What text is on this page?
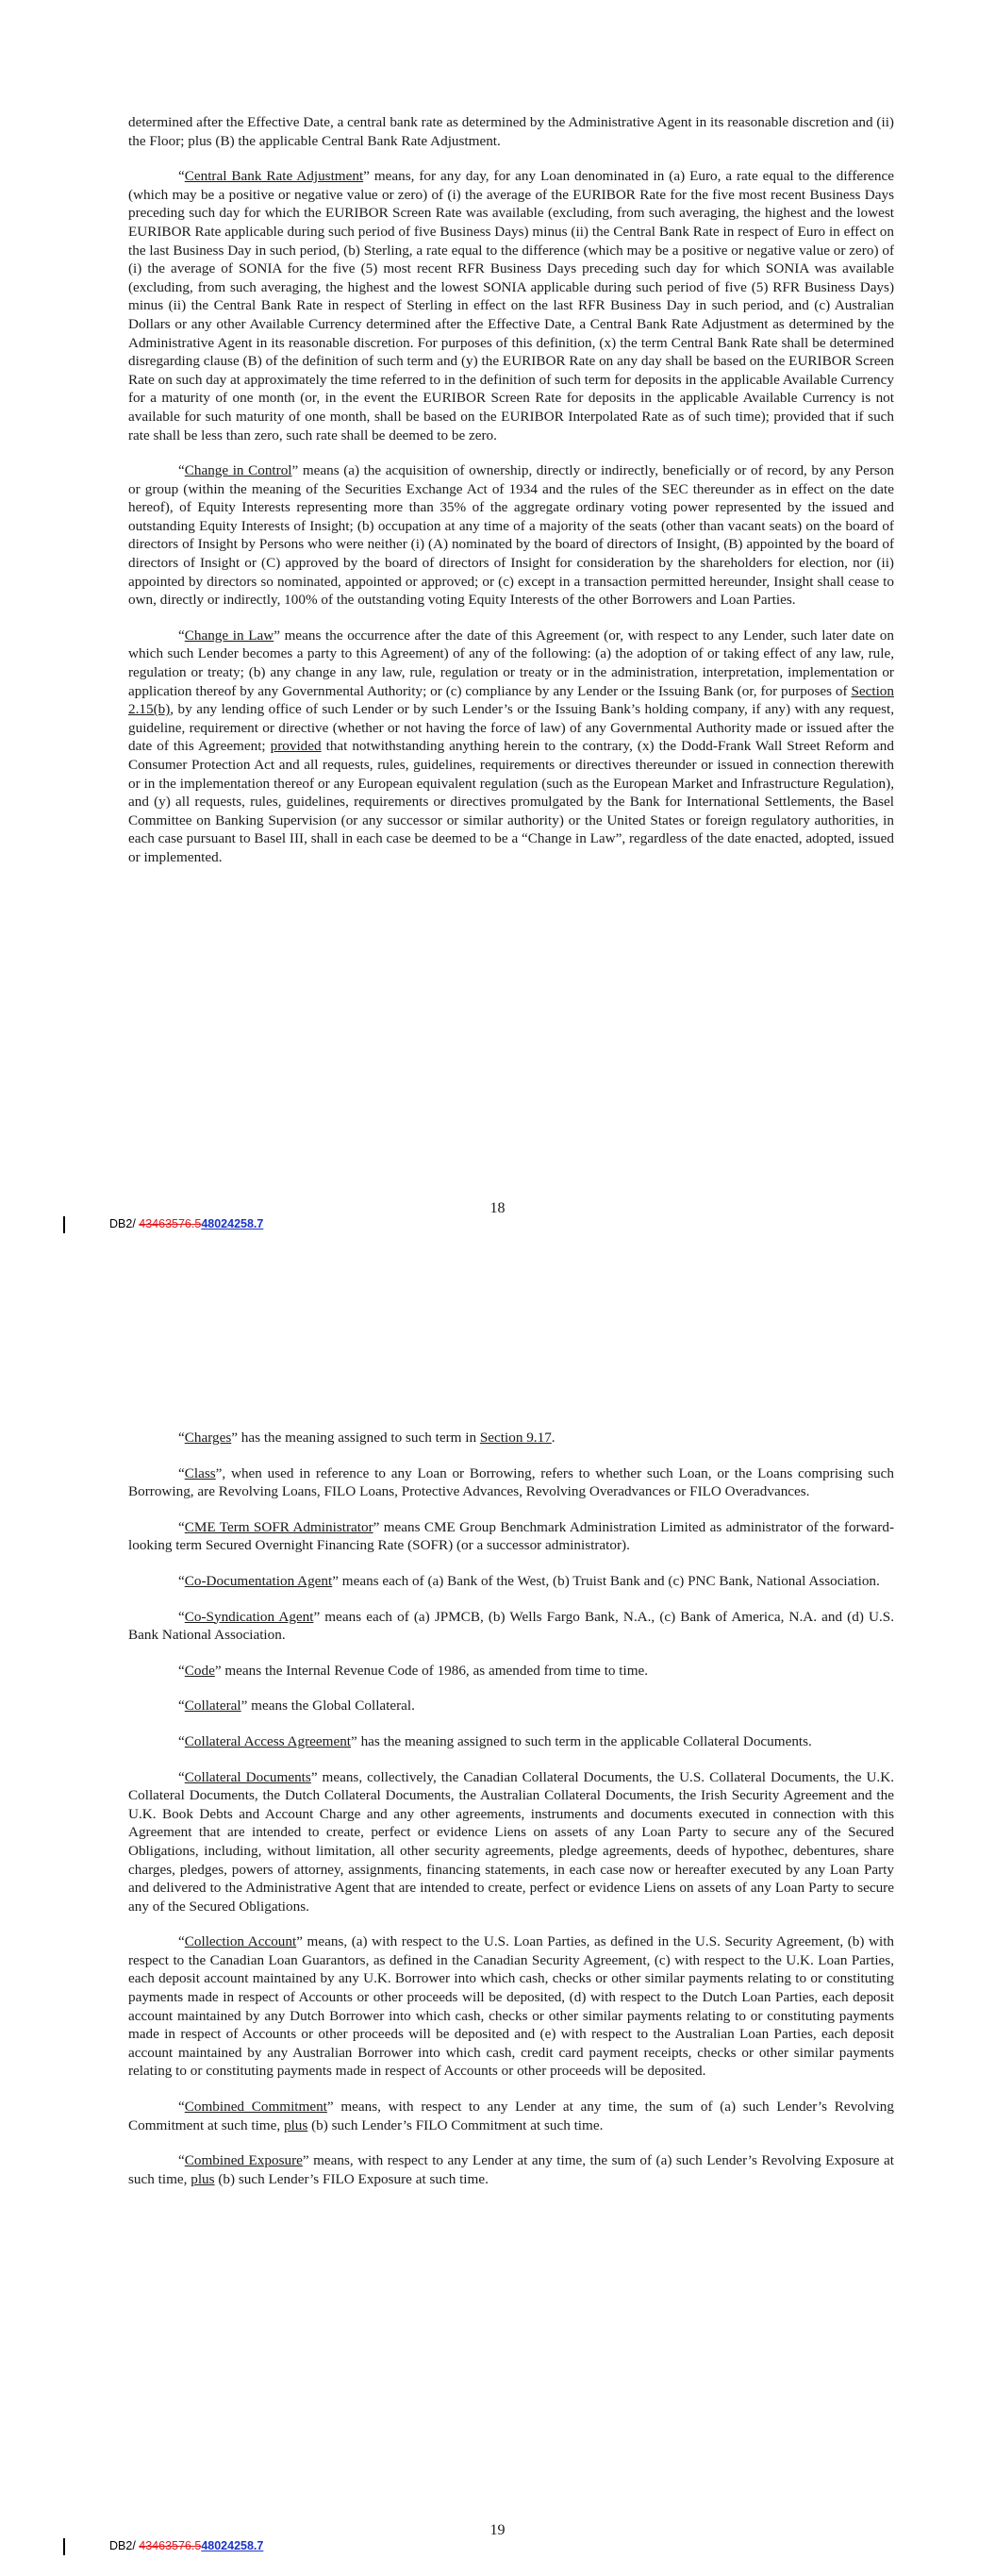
determined after the Effective Date, a central bank rate as determined by the Administrative Agent in its reasonable discretion and (ii) the Floor; plus (B) the applicable Central Bank Rate Adjustment.

“Central Bank Rate Adjustment” means, for any day, for any Loan denominated in (a) Euro, a rate equal to the difference (which may be a positive or negative value or zero) of (i) the average of the EURIBOR Rate for the five most recent Business Days preceding such day for which the EURIBOR Screen Rate was available (excluding, from such averaging, the highest and the lowest EURIBOR Rate applicable during such period of five Business Days) minus (ii) the Central Bank Rate in respect of Euro in effect on the last Business Day in such period, (b) Sterling, a rate equal to the difference (which may be a positive or negative value or zero) of (i) the average of SONIA for the five (5) most recent RFR Business Days preceding such day for which SONIA was available (excluding, from such averaging, the highest and the lowest SONIA applicable during such period of five (5) RFR Business Days) minus (ii) the Central Bank Rate in respect of Sterling in effect on the last RFR Business Day in such period, and (c) Australian Dollars or any other Available Currency determined after the Effective Date, a Central Bank Rate Adjustment as determined by the Administrative Agent in its reasonable discretion. For purposes of this definition, (x) the term Central Bank Rate shall be determined disregarding clause (B) of the definition of such term and (y) the EURIBOR Rate on any day shall be based on the EURIBOR Screen Rate on such day at approximately the time referred to in the definition of such term for deposits in the applicable Available Currency for a maturity of one month (or, in the event the EURIBOR Screen Rate for deposits in the applicable Available Currency is not available for such maturity of one month, shall be based on the EURIBOR Interpolated Rate as of such time); provided that if such rate shall be less than zero, such rate shall be deemed to be zero.

“Change in Control” means (a) the acquisition of ownership, directly or indirectly, beneficially or of record, by any Person or group (within the meaning of the Securities Exchange Act of 1934 and the rules of the SEC thereunder as in effect on the date hereof), of Equity Interests representing more than 35% of the aggregate ordinary voting power represented by the issued and outstanding Equity Interests of Insight; (b) occupation at any time of a majority of the seats (other than vacant seats) on the board of directors of Insight by Persons who were neither (i) (A) nominated by the board of directors of Insight, (B) appointed by the board of directors of Insight or (C) approved by the board of directors of Insight for consideration by the shareholders for election, nor (ii) appointed by directors so nominated, appointed or approved; or (c) except in a transaction permitted hereunder, Insight shall cease to own, directly or indirectly, 100% of the outstanding voting Equity Interests of the other Borrowers and Loan Parties.

“Change in Law” means the occurrence after the date of this Agreement (or, with respect to any Lender, such later date on which such Lender becomes a party to this Agreement) of any of the following: (a) the adoption of or taking effect of any law, rule, regulation or treaty; (b) any change in any law, rule, regulation or treaty or in the administration, interpretation, implementation or application thereof by any Governmental Authority; or (c) compliance by any Lender or the Issuing Bank (or, for purposes of Section 2.15(b), by any lending office of such Lender or by such Lender’s or the Issuing Bank’s holding company, if any) with any request, guideline, requirement or directive (whether or not having the force of law) of any Governmental Authority made or issued after the date of this Agreement; provided that notwithstanding anything herein to the contrary, (x) the Dodd-Frank Wall Street Reform and Consumer Protection Act and all requests, rules, guidelines, requirements or directives thereunder or issued in connection therewith or in the implementation thereof or any European equivalent regulation (such as the European Market and Infrastructure Regulation), and (y) all requests, rules, guidelines, requirements or directives promulgated by the Bank for International Settlements, the Basel Committee on Banking Supervision (or any successor or similar authority) or the United States or foreign regulatory authorities, in each case pursuant to Basel III, shall in each case be deemed to be a “Change in Law”, regardless of the date enacted, adopted, issued or implemented.

DB2/ 43463576.548024258.7
18

“Charges” has the meaning assigned to such term in Section 9.17.

“Class”, when used in reference to any Loan or Borrowing, refers to whether such Loan, or the Loans comprising such Borrowing, are Revolving Loans, FILO Loans, Protective Advances, Revolving Overadvances or FILO Overadvances.

“CME Term SOFR Administrator” means CME Group Benchmark Administration Limited as administrator of the forward-looking term Secured Overnight Financing Rate (SOFR) (or a successor administrator).

“Co-Documentation Agent” means each of (a) Bank of the West, (b) Truist Bank and (c) PNC Bank, National Association.

“Co-Syndication Agent” means each of (a) JPMCB, (b) Wells Fargo Bank, N.A., (c) Bank of America, N.A. and (d) U.S. Bank National Association.

“Code” means the Internal Revenue Code of 1986, as amended from time to time.

“Collateral” means the Global Collateral.

“Collateral Access Agreement” has the meaning assigned to such term in the applicable Collateral Documents.

“Collateral Documents” means, collectively, the Canadian Collateral Documents, the U.S. Collateral Documents, the U.K. Collateral Documents, the Dutch Collateral Documents, the Australian Collateral Documents, the Irish Security Agreement and the U.K. Book Debts and Account Charge and any other agreements, instruments and documents executed in connection with this Agreement that are intended to create, perfect or evidence Liens on assets of any Loan Party to secure any of the Secured Obligations, including, without limitation, all other security agreements, pledge agreements, deeds of hypothec, debentures, share charges, pledges, powers of attorney, assignments, financing statements, in each case now or hereafter executed by any Loan Party and delivered to the Administrative Agent that are intended to create, perfect or evidence Liens on assets of any Loan Party to secure any of the Secured Obligations.

“Collection Account” means, (a) with respect to the U.S. Loan Parties, as defined in the U.S. Security Agreement, (b) with respect to the Canadian Loan Guarantors, as defined in the Canadian Security Agreement, (c) with respect to the U.K. Loan Parties, each deposit account maintained by any U.K. Borrower into which cash, checks or other similar payments relating to or constituting payments made in respect of Accounts or other proceeds will be deposited, (d) with respect to the Dutch Loan Parties, each deposit account maintained by any Dutch Borrower into which cash, checks or other similar payments relating to or constituting payments made in respect of Accounts or other proceeds will be deposited and (e) with respect to the Australian Loan Parties, each deposit account maintained by any Australian Borrower into which cash, credit card payment receipts, checks or other similar payments relating to or constituting payments made in respect of Accounts or other proceeds will be deposited.

“Combined Commitment” means, with respect to any Lender at any time, the sum of (a) such Lender’s Revolving Commitment at such time, plus (b) such Lender’s FILO Commitment at such time.

“Combined Exposure” means, with respect to any Lender at any time, the sum of (a) such Lender’s Revolving Exposure at such time, plus (b) such Lender’s FILO Exposure at such time.

DB2/ 43463576.548024258.7
19
